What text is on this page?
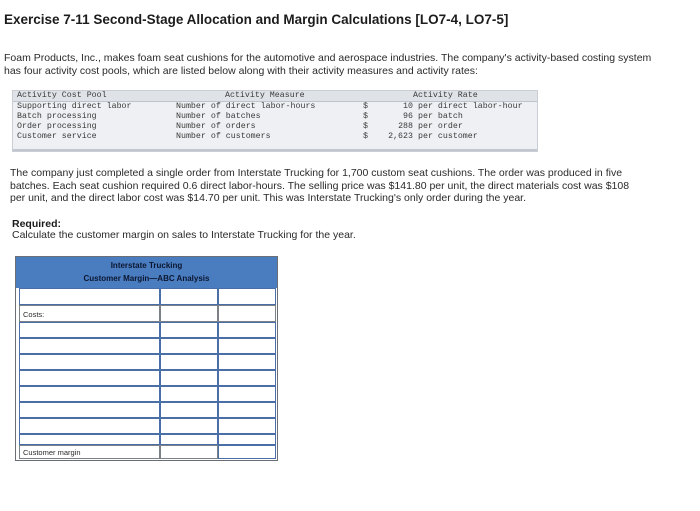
Exercise 7-11 Second-Stage Allocation and Margin Calculations [LO7-4, LO7-5]
Foam Products, Inc., makes foam seat cushions for the automotive and aerospace industries. The company's activity-based costing system has four activity cost pools, which are listed below along with their activity measures and activity rates:
Activity Cost Pool	Activity Measure	Activity Rate
Supporting direct labor	Number of direct labor-hours	$	10 per direct labor-hour
Batch processing	Number of batches	$	96 per batch
Order processing	Number of orders	$	288 per order
Customer service	Number of customers	$	2,623 per customer
The company just completed a single order from Interstate Trucking for 1,700 custom seat cushions. The order was produced in five batches. Each seat cushion required 0.6 direct labor-hours. The selling price was $141.80 per unit, the direct materials cost was $108 per unit, and the direct labor cost was $14.70 per unit. This was Interstate Trucking's only order during the year.
Required:
Calculate the customer margin on sales to Interstate Trucking for the year.
Interstate Trucking
Customer Margin—ABC Analysis
Costs:
Customer margin
